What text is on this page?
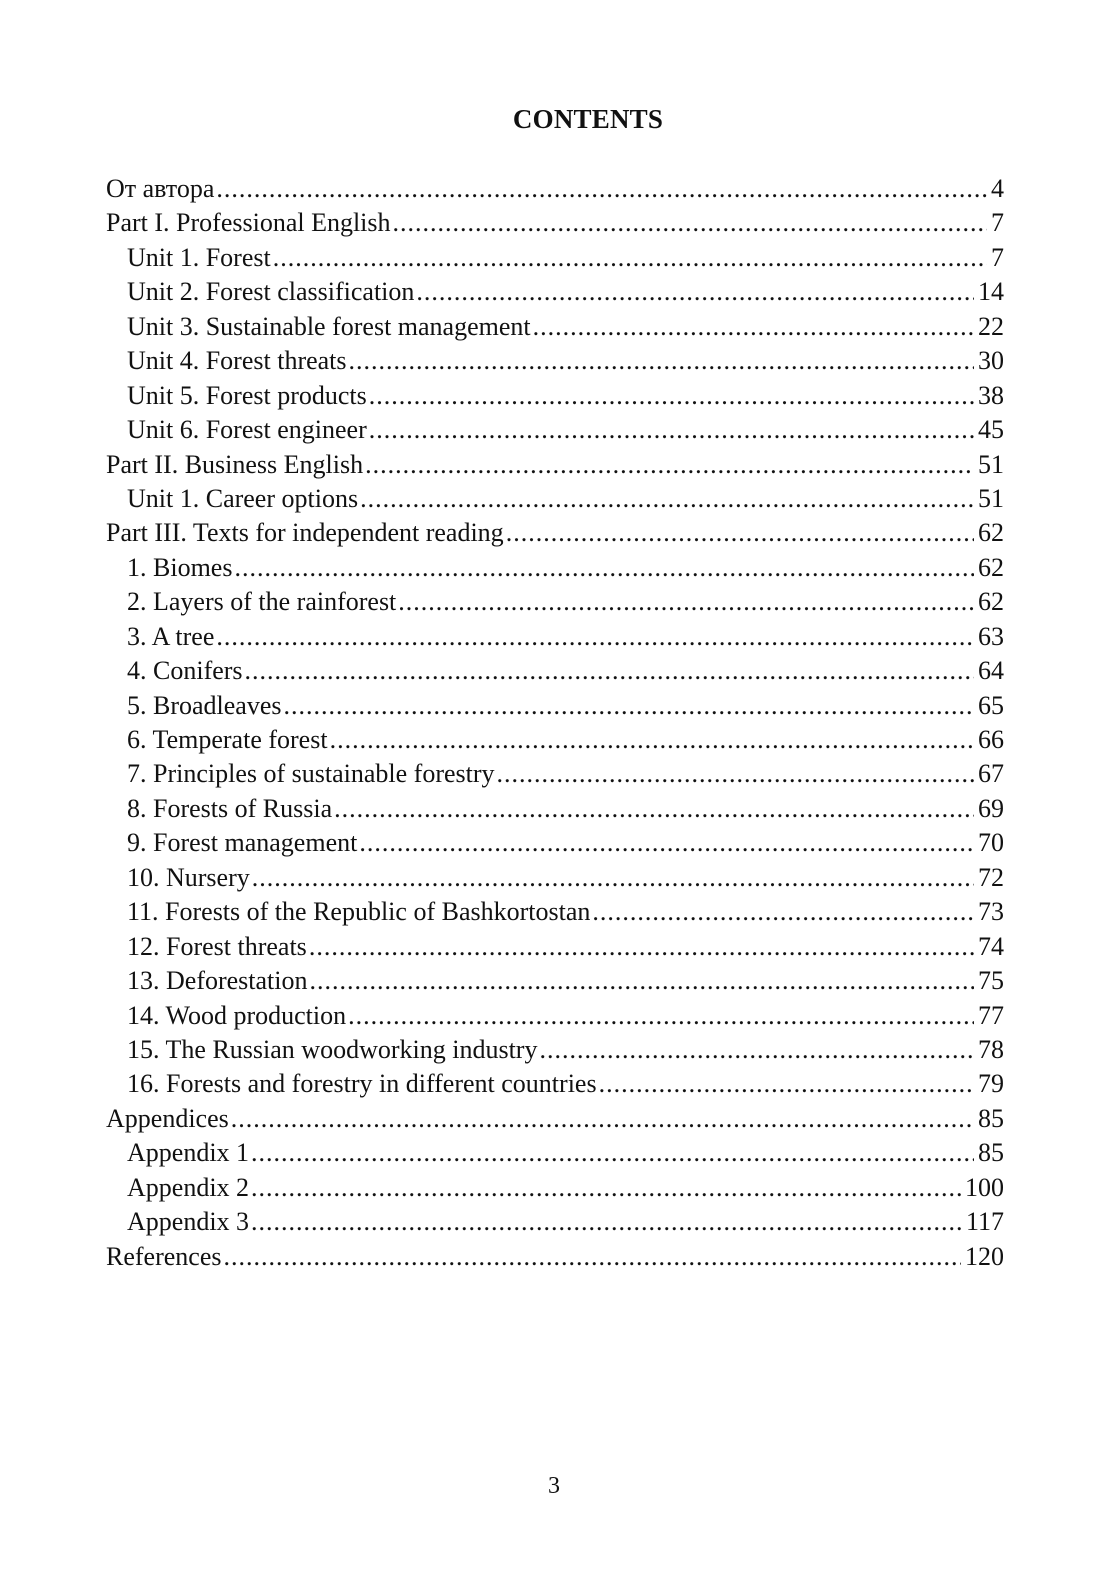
CONTENTS
От автора .....	4
Part I. Professional English .....	7
Unit 1. Forest .....	7
Unit 2. Forest classification .....	14
Unit 3. Sustainable forest management .....	22
Unit 4. Forest threats .....	30
Unit 5. Forest products .....	38
Unit 6. Forest engineer .....	45
Part II. Business English .....	51
Unit 1. Career options .....	51
Part III. Texts for independent reading .....	62
1. Biomes .....	62
2. Layers of the rainforest .....	62
3. A tree .....	63
4. Conifers .....	64
5. Broadleaves .....	65
6. Temperate forest .....	66
7. Principles of sustainable forestry .....	67
8. Forests of Russia .....	69
9. Forest management .....	70
10. Nursery .....	72
11. Forests of the Republic of Bashkortostan .....	73
12. Forest threats .....	74
13. Deforestation .....	75
14. Wood production .....	77
15. The Russian woodworking industry .....	78
16. Forests and forestry in different countries .....	79
Appendices .....	85
Appendix 1 .....	85
Appendix 2 .....	100
Appendix 3 .....	117
References .....	120
3
